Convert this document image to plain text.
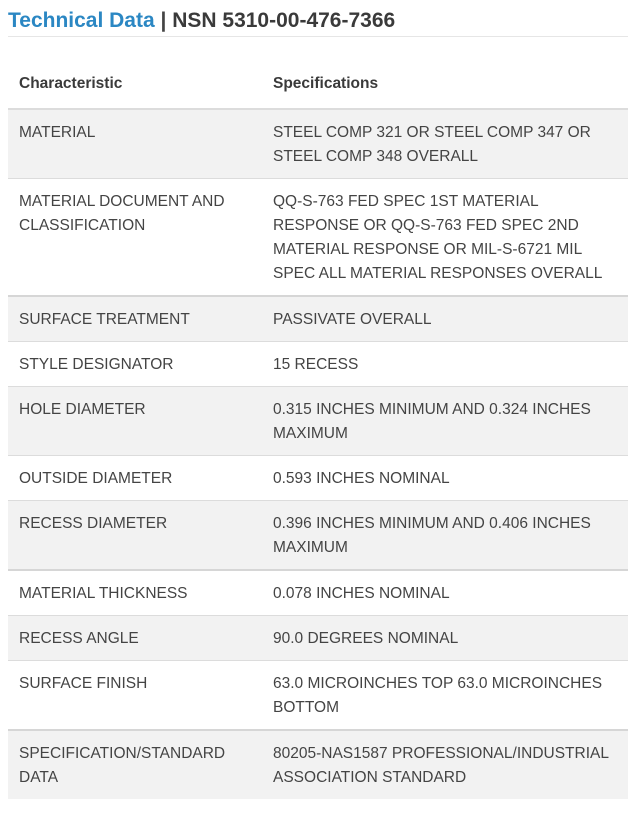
Technical Data | NSN 5310-00-476-7366
Characteristic	Specifications
MATERIAL	STEEL COMP 321 OR STEEL COMP 347 OR STEEL COMP 348 OVERALL
MATERIAL DOCUMENT AND CLASSIFICATION	QQ-S-763 FED SPEC 1ST MATERIAL RESPONSE OR QQ-S-763 FED SPEC 2ND MATERIAL RESPONSE OR MIL-S-6721 MIL SPEC ALL MATERIAL RESPONSES OVERALL
SURFACE TREATMENT	PASSIVATE OVERALL
STYLE DESIGNATOR	15 RECESS
HOLE DIAMETER	0.315 INCHES MINIMUM AND 0.324 INCHES MAXIMUM
OUTSIDE DIAMETER	0.593 INCHES NOMINAL
RECESS DIAMETER	0.396 INCHES MINIMUM AND 0.406 INCHES MAXIMUM
MATERIAL THICKNESS	0.078 INCHES NOMINAL
RECESS ANGLE	90.0 DEGREES NOMINAL
SURFACE FINISH	63.0 MICROINCHES TOP 63.0 MICROINCHES BOTTOM
SPECIFICATION/STANDARD DATA	80205-NAS1587 PROFESSIONAL/INDUSTRIAL ASSOCIATION STANDARD
